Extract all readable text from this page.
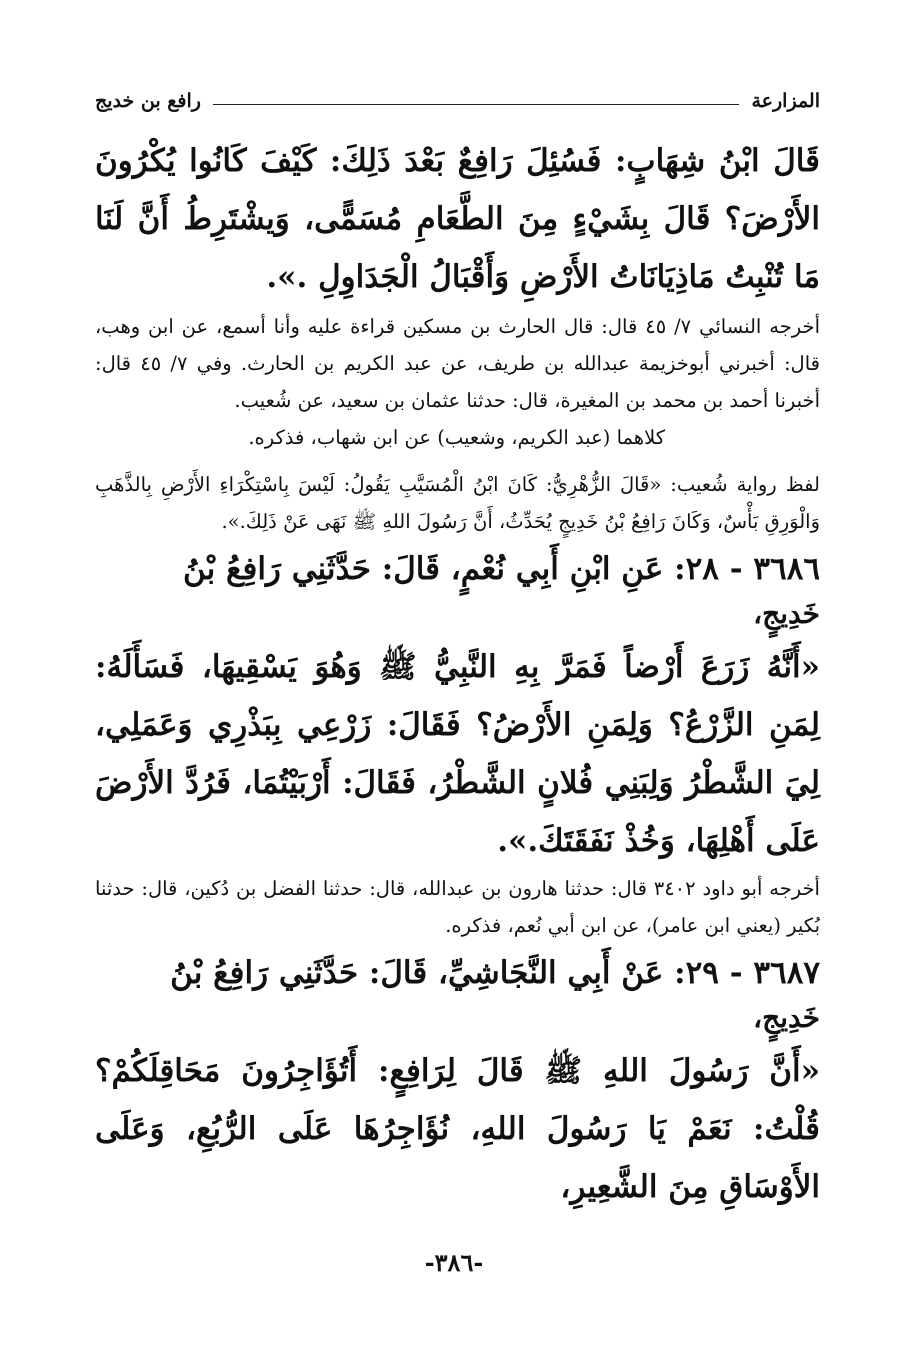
المزارعة
رافع بن خديج

قَالَ ابْنُ شِهَابٍ: فَسُئِلَ رَافِعٌ بَعْدَ ذَلِكَ: كَيْفَ كَانُوا يُكْرُونَ الأَرْضَ؟ قَالَ بِشَيْءٍ مِنَ الطَّعَامِ مُسَمًّى، وَيشْتَرِطُ أَنَّ لَنَا مَا تُنْبِتُ مَاذِيَانَاتُ الأَرْضِ وَأَقْبَالُ الْجَدَاوِلِ .».

أخرجه النسائي ٧/ ٤٥ قال: قال الحارث بن مسكين قراءة عليه وأنا أسمع، عن ابن وهب، قال: أخبرني أبوخزيمة عبدالله بن طريف، عن عبد الكريم بن الحارث. وفي ٧/ ٤٥ قال: أخبرنا أحمد بن محمد بن المغيرة، قال: حدثنا عثمان بن سعيد، عن شُعيب.

كلاهما (عبد الكريم، وشعيب) عن ابن شهاب، فذكره.

لفظ رواية شُعيب: «قَالَ الزُّهْرِيُّ: كَانَ ابْنُ الْمُسَيَّبِ يَقُولُ: لَيْسَ بِاسْتِكْرَاءِ الأَرْضِ بِالذَّهَبِ وَالْوَرِقِ بَأْسٌ، وَكَانَ رَافِعُ بْنُ خَدِيجٍ يُحَدِّثُ، أَنَّ رَسُولَ اللهِ ﷺ نَهَى عَنْ ذَلِكَ.».

٣٦٨٦ - ٢٨: عَنِ ابْنِ أَبِي نُعْمٍ، قَالَ: حَدَّثَنِي رَافِعُ بْنُ

خَدِيجٍ،

«أَنَّهُ زَرَعَ أَرْضاً فَمَرَّ بِهِ النَّبِيُّ ﷺ وَهُوَ يَسْقِيهَا، فَسَأَلَهُ: لِمَنِ الزَّرْعُ؟ وَلِمَنِ الأَرْضُ؟ فَقَالَ: زَرْعِي بِبَذْرِي وَعَمَلِي، لِيَ الشَّطْرُ وَلِبَنِي فُلانٍ الشَّطْرُ، فَقَالَ: أَرْبَيْتُمَا، فَرُدَّ الأَرْضَ عَلَى أَهْلِهَا، وَخُذْ نَفَقَتَكَ.».

أخرجه أبو داود ٣٤٠٢ قال: حدثنا هارون بن عبدالله، قال: حدثنا الفضل بن دُكين، قال: حدثنا بُكير (يعني ابن عامر)، عن ابن أبي نُعم، فذكره.

٣٦٨٧ - ٢٩: عَنْ أَبِي النَّجَاشِيِّ، قَالَ: حَدَّثَنِي رَافِعُ بْنُ

خَدِيجٍ،

«أَنَّ رَسُولَ اللهِ ﷺ قَالَ لِرَافِعٍ: أَتُؤَاجِرُونَ مَحَاقِلَكُمْ؟ قُلْتُ: نَعَمْ يَا رَسُولَ اللهِ، نُؤَاجِرُهَا عَلَى الرُّبُعِ، وَعَلَى الأَوْسَاقِ مِنَ الشَّعِيرِ،

-٣٨٦-
